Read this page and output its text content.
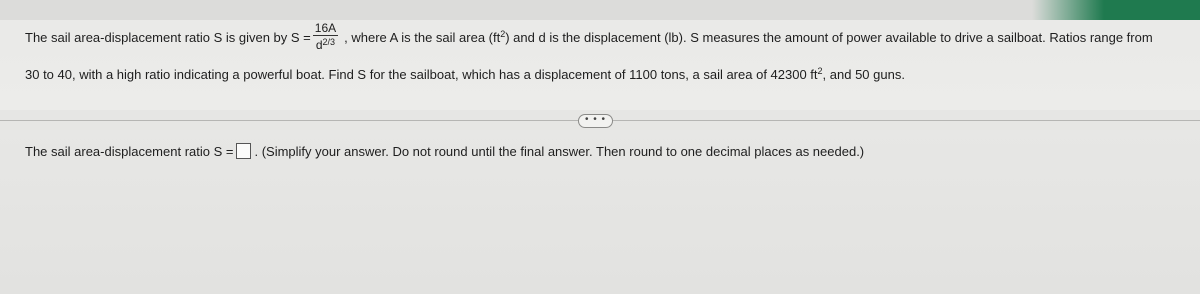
The sail area-displacement ratio S is given by $S = \frac{16A}{d^{2/3}}$ , where A is the sail area $(ft^2)$ and d is the displacement (lb). S measures the amount of power available to drive a sailboat. Ratios range from
30 to 40, with a high ratio indicating a powerful boat. Find S for the sailboat, which has a displacement of 1100 tons, a sail area of 42300 $ft^2$, and 50 guns.
• • •
The sail area-displacement ratio S = . (Simplify your answer. Do not round until the final answer. Then round to one decimal places as needed.)
